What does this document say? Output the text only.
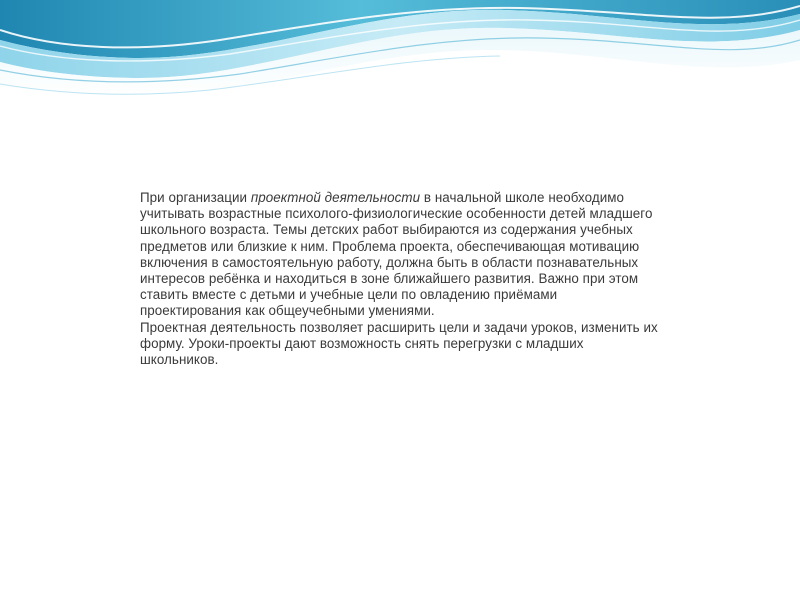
При организации проектной деятельности в начальной школе необходимо учитывать возрастные психолого-физиологические особенности детей младшего школьного возраста. Темы детских работ выбираются из содержания учебных предметов или близкие к ним. Проблема проекта, обеспечивающая мотивацию включения в самостоятельную работу, должна быть в области познавательных интересов ребёнка и находиться в зоне ближайшего развития. Важно при этом ставить вместе с детьми и учебные цели по овладению приёмами проектирования как общеучебными умениями.

Проектная деятельность позволяет расширить цели и задачи уроков, изменить их форму. Уроки-проекты дают возможность снять перегрузки с младших школьников.
